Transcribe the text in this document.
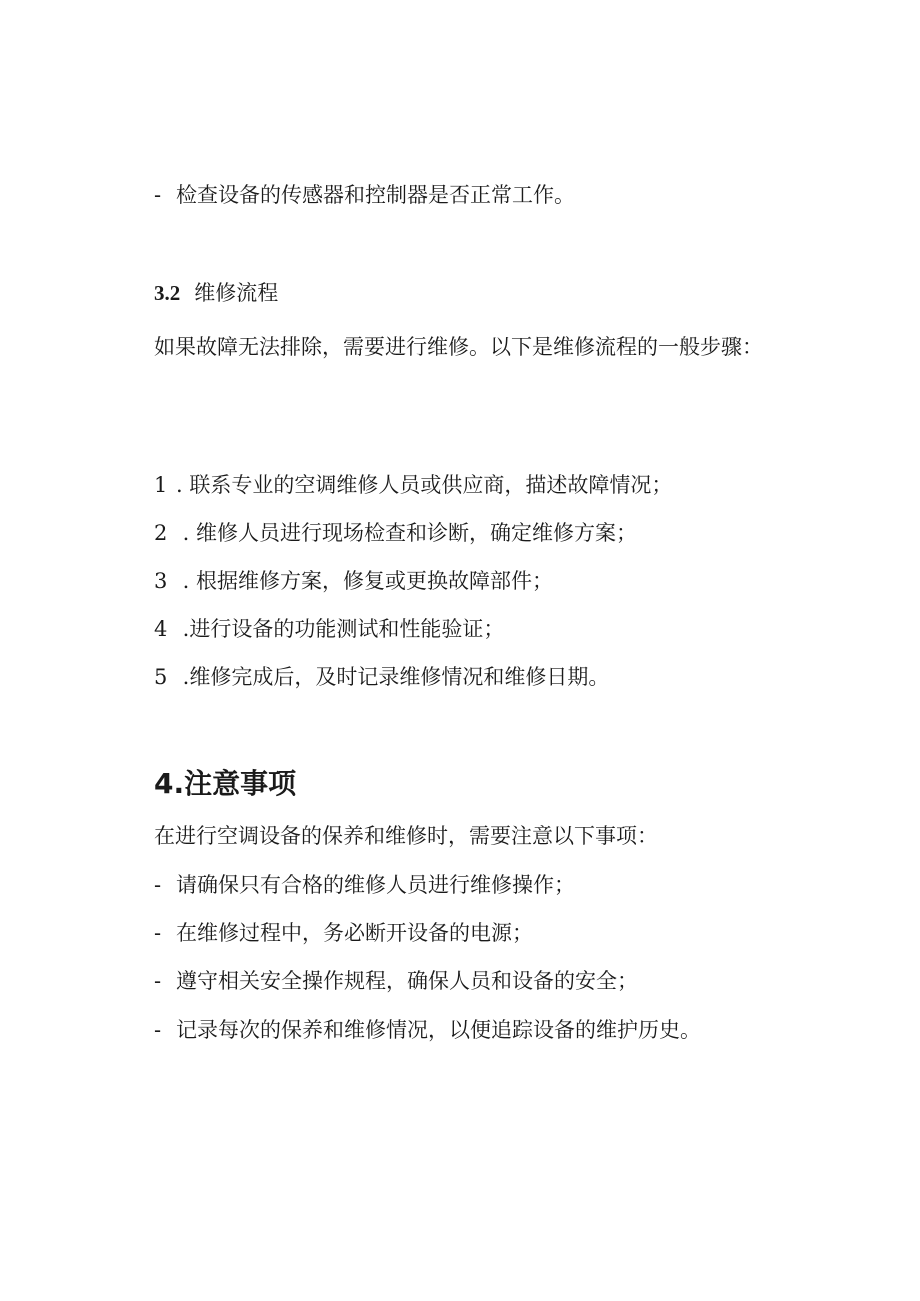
- 检查设备的传感器和控制器是否正常工作。
3.2 维修流程
如果故障无法排除，需要进行维修。以下是维修流程的一般步骤：
1 . 联系专业的空调维修人员或供应商，描述故障情况；
2 . 维修人员进行现场检查和诊断，确定维修方案；
3 . 根据维修方案，修复或更换故障部件；
4 .进行设备的功能测试和性能验证；
5 .维修完成后，及时记录维修情况和维修日期。
4.注意事项
在进行空调设备的保养和维修时，需要注意以下事项：
- 请确保只有合格的维修人员进行维修操作；
- 在维修过程中，务必断开设备的电源；
- 遵守相关安全操作规程，确保人员和设备的安全；
- 记录每次的保养和维修情况，以便追踪设备的维护历史。
